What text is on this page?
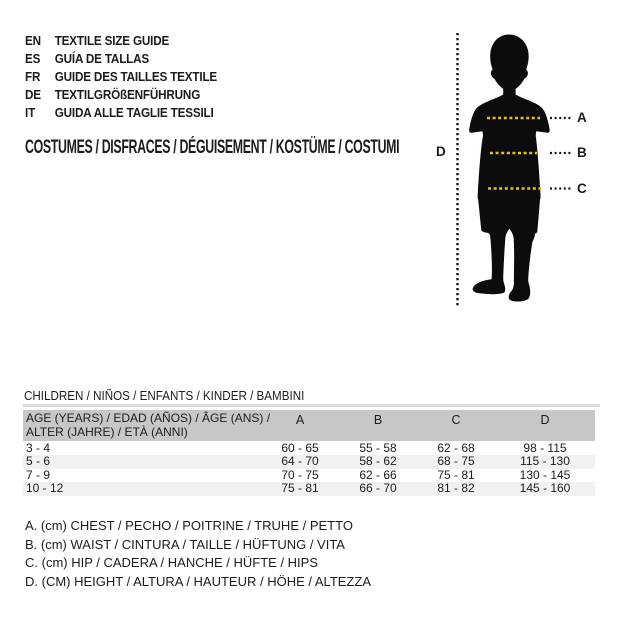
EN	TEXTILE SIZE GUIDE
ES	GUÍA DE TALLAS
FR	GUIDE DES TAILLES TEXTILE
DE	TEXTILGRÖßENFÜHRUNG
IT	GUIDA ALLE TAGLIE TESSILI
COSTUMES / DISFRACES / DÉGUISEMENT / KOSTÜME / COSTUMI
A
B
C
D
CHILDREN / NIÑOS / ENFANTS / KINDER / BAMBINI
AGE (YEARS) / EDAD (AÑOS) / ÂGE (ANS) /
ALTER (JAHRE) / ETÀ (ANNI)
A	B	C	D
3 - 4	60 - 65	55 - 58	62 - 68	98 - 115
5 - 6	64 - 70	58 - 62	68 - 75	115 - 130
7 - 9	70 - 75	62 - 66	75 - 81	130 - 145
10 - 12	75 - 81	66 - 70	81 - 82	145 - 160
A. (cm) CHEST / PECHO / POITRINE / TRUHE / PETTO
B. (cm) WAIST / CINTURA / TAILLE / HÜFTUNG / VITA
C. (cm) HIP / CADERA / HANCHE / HÜFTE / HIPS
D. (CM) HEIGHT / ALTURA / HAUTEUR / HÖHE / ALTEZZA
